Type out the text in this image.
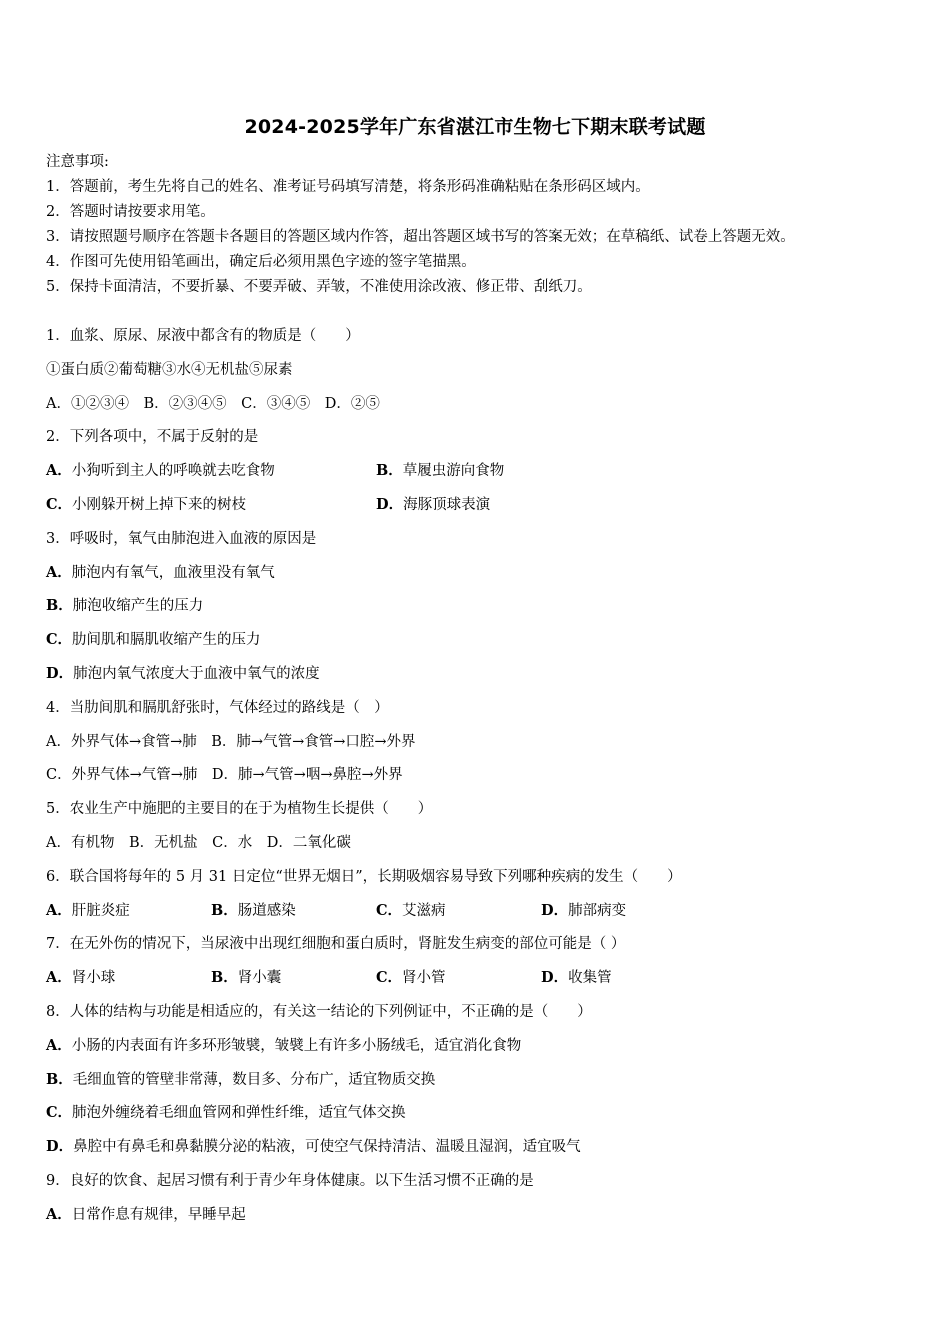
2024-2025学年广东省湛江市生物七下期末联考试题
注意事项:
1．答题前，考生先将自己的姓名、准考证号码填写清楚，将条形码准确粘贴在条形码区域内。
2．答题时请按要求用笔。
3．请按照题号顺序在答题卡各题目的答题区域内作答，超出答题区域书写的答案无效；在草稿纸、试卷上答题无效。
4．作图可先使用铅笔画出，确定后必须用黑色字迹的签字笔描黑。
5．保持卡面清洁，不要折暴、不要弄破、弄皱，不准使用涂改液、修正带、刮纸刀。
1．血浆、原尿、尿液中都含有的物质是（　　）
①蛋白质②葡萄糖③水④无机盐⑤尿素
A．①②③④　B．②③④⑤　C．③④⑤　D．②⑤
2．下列各项中，不属于反射的是
A．小狗听到主人的呼唤就去吃食物	B．草履虫游向食物
C．小刚躲开树上掉下来的树枝	D．海豚顶球表演
3．呼吸时，氧气由肺泡进入血液的原因是
A．肺泡内有氧气，血液里没有氧气
B．肺泡收缩产生的压力
C．肋间肌和膈肌收缩产生的压力
D．肺泡内氧气浓度大于血液中氧气的浓度
4．当肋间肌和膈肌舒张时，气体经过的路线是（　）
A．外界气体→食管→肺　B．肺→气管→食管→口腔→外界
C．外界气体→气管→肺　D．肺→气管→咽→鼻腔→外界
5．农业生产中施肥的主要目的在于为植物生长提供（　　）
A．有机物　B．无机盐　C．水　D．二氧化碳
6．联合国将每年的 5 月 31 日定位“世界无烟日”，长期吸烟容易导致下列哪种疾病的发生（　　）
A．肝脏炎症	B．肠道感染	C．艾滋病	D．肺部病变
7．在无外伤的情况下，当尿液中出现红细胞和蛋白质时，肾脏发生病变的部位可能是（ ）
A．肾小球	B．肾小囊	C．肾小管	D．收集管
8．人体的结构与功能是相适应的，有关这一结论的下列例证中，不正确的是（　　）
A．小肠的内表面有许多环形皱襞，皱襞上有许多小肠绒毛，适宜消化食物
B．毛细血管的管壁非常薄，数目多、分布广，适宜物质交换
C．肺泡外缠绕着毛细血管网和弹性纤维，适宜气体交换
D．鼻腔中有鼻毛和鼻黏膜分泌的粘液，可使空气保持清洁、温暖且湿润，适宜吸气
9．良好的饮食、起居习惯有利于青少年身体健康。以下生活习惯不正确的是
A．日常作息有规律，早睡早起
